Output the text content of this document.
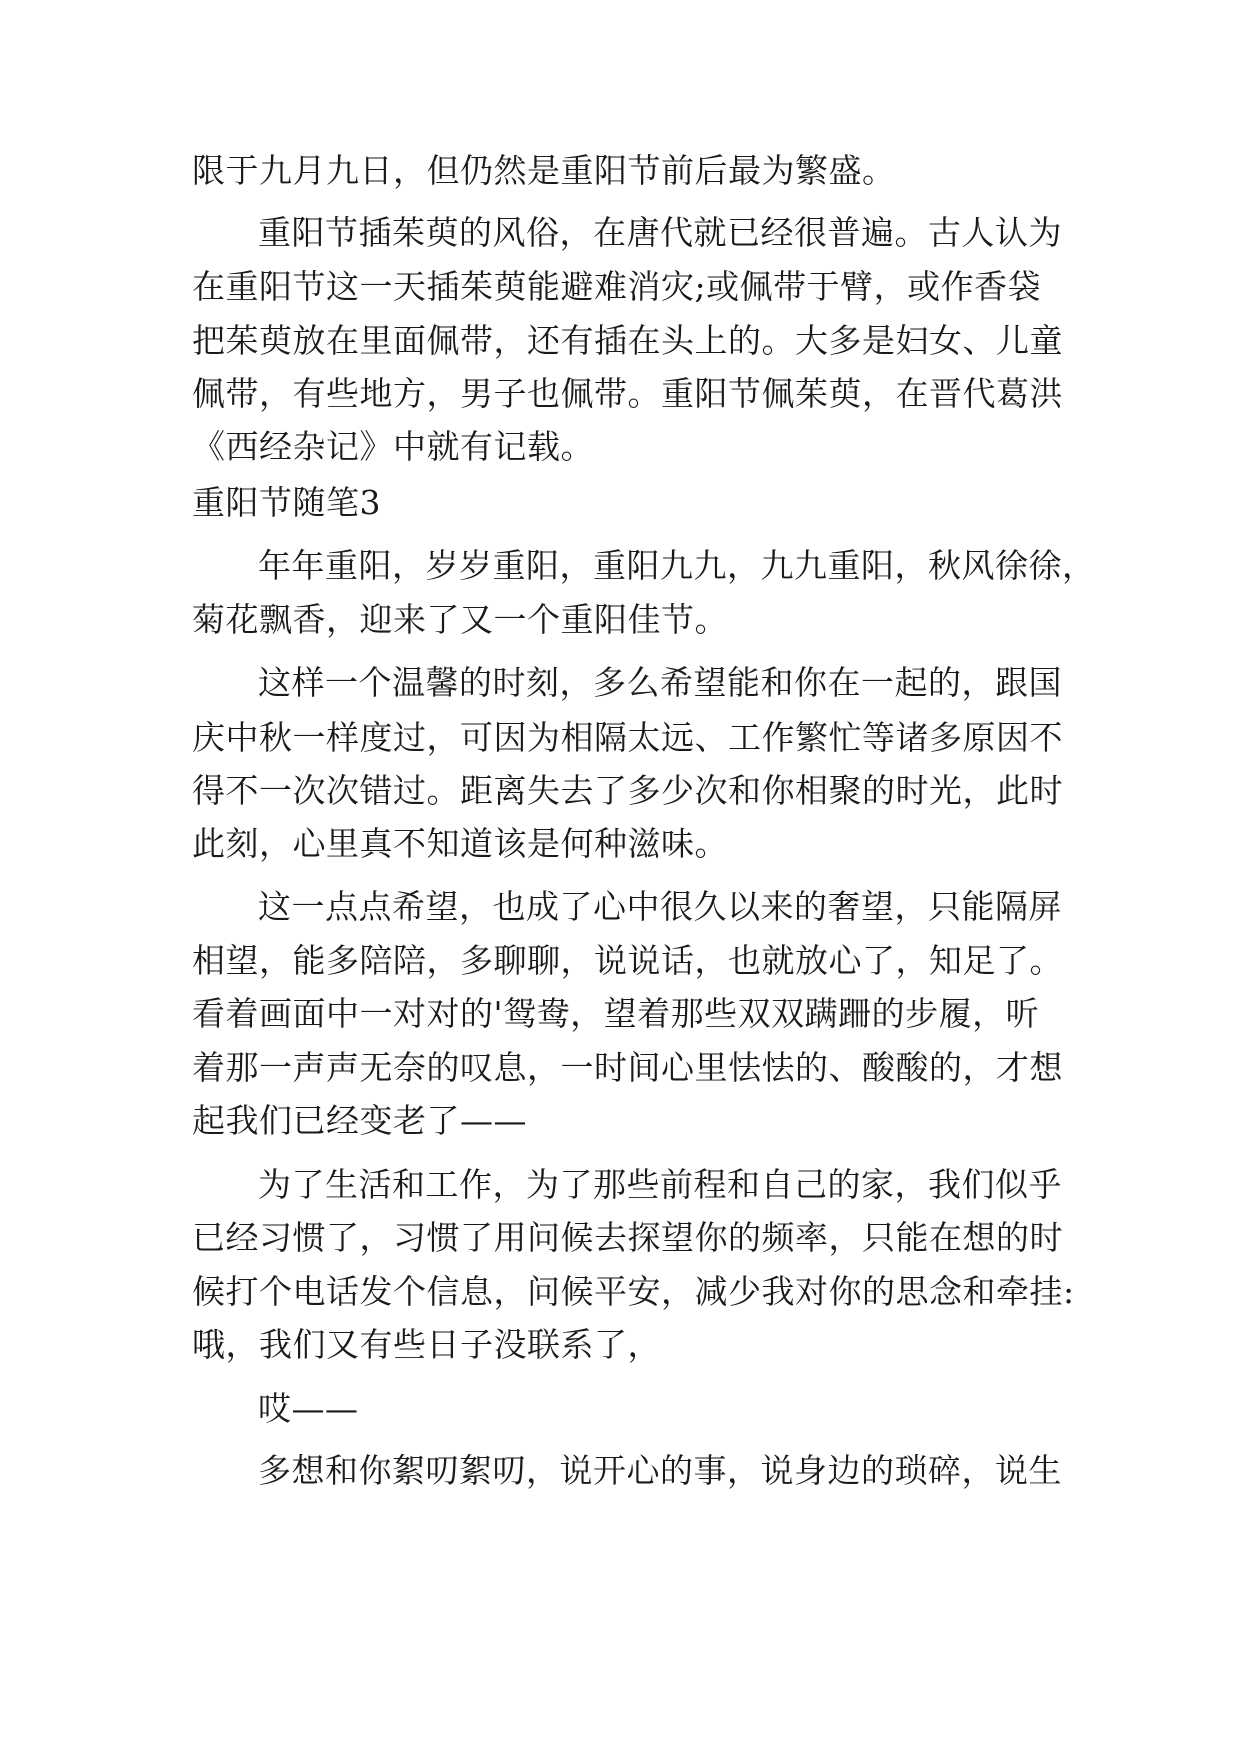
限于九月九日，但仍然是重阳节前后最为繁盛。
重阳节插茱萸的风俗，在唐代就已经很普遍。古人认为
在重阳节这一天插茱萸能避难消灾;或佩带于臂，或作香袋
把茱萸放在里面佩带，还有插在头上的。大多是妇女、儿童
佩带，有些地方，男子也佩带。重阳节佩茱萸，在晋代葛洪
《西经杂记》中就有记载。
重阳节随笔3
年年重阳，岁岁重阳，重阳九九，九九重阳，秋风徐徐，
菊花飘香，迎来了又一个重阳佳节。
这样一个温馨的时刻，多么希望能和你在一起的，跟国
庆中秋一样度过，可因为相隔太远、工作繁忙等诸多原因不
得不一次次错过。距离失去了多少次和你相聚的时光，此时
此刻，心里真不知道该是何种滋味。
这一点点希望，也成了心中很久以来的奢望，只能隔屏
相望，能多陪陪，多聊聊，说说话，也就放心了，知足了。
看着画面中一对对的'鸳鸯，望着那些双双蹒跚的步履，听
着那一声声无奈的叹息，一时间心里怯怯的、酸酸的，才想
起我们已经变老了——
为了生活和工作，为了那些前程和自己的家，我们似乎
已经习惯了，习惯了用问候去探望你的频率，只能在想的时
候打个电话发个信息，问候平安，减少我对你的思念和牵挂:
哦，我们又有些日子没联系了，
哎——
多想和你絮叨絮叨，说开心的事，说身边的琐碎，说生
